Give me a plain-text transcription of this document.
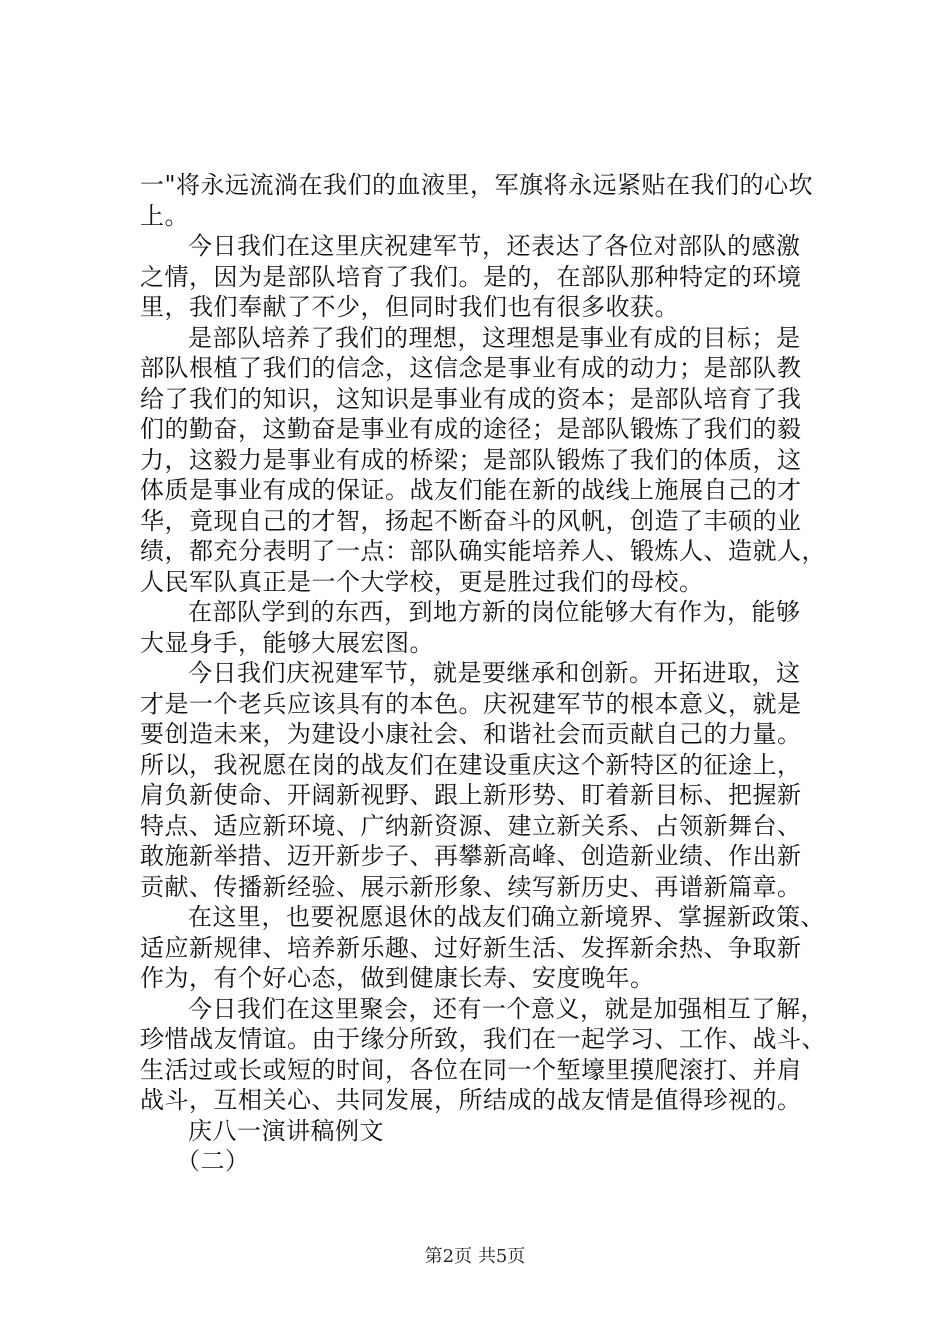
一"将永远流淌在我们的血液里，军旗将永远紧贴在我们的心坎
上。
今日我们在这里庆祝建军节，还表达了各位对部队的感激
之情，因为是部队培育了我们。是的，在部队那种特定的环境
里，我们奉献了不少，但同时我们也有很多收获。
是部队培养了我们的理想，这理想是事业有成的目标；是
部队根植了我们的信念，这信念是事业有成的动力；是部队教
给了我们的知识，这知识是事业有成的资本；是部队培育了我
们的勤奋，这勤奋是事业有成的途径；是部队锻炼了我们的毅
力，这毅力是事业有成的桥梁；是部队锻炼了我们的体质，这
体质是事业有成的保证。战友们能在新的战线上施展自己的才
华，竟现自己的才智，扬起不断奋斗的风帆，创造了丰硕的业
绩，都充分表明了一点：部队确实能培养人、锻炼人、造就人，
人民军队真正是一个大学校，更是胜过我们的母校。
在部队学到的东西，到地方新的岗位能够大有作为，能够
大显身手，能够大展宏图。
今日我们庆祝建军节，就是要继承和创新。开拓进取，这
才是一个老兵应该具有的本色。庆祝建军节的根本意义，就是
要创造未来，为建设小康社会、和谐社会而贡献自己的力量。
所以，我祝愿在岗的战友们在建设重庆这个新特区的征途上，
肩负新使命、开阔新视野、跟上新形势、盯着新目标、把握新
特点、适应新环境、广纳新资源、建立新关系、占领新舞台、
敢施新举措、迈开新步子、再攀新高峰、创造新业绩、作出新
贡献、传播新经验、展示新形象、续写新历史、再谱新篇章。
在这里，也要祝愿退休的战友们确立新境界、掌握新政策、
适应新规律、培养新乐趣、过好新生活、发挥新余热、争取新
作为，有个好心态，做到健康长寿、安度晚年。
今日我们在这里聚会，还有一个意义，就是加强相互了解，
珍惜战友情谊。由于缘分所致，我们在一起学习、工作、战斗、
生活过或长或短的时间，各位在同一个堑壕里摸爬滚打、并肩
战斗，互相关心、共同发展，所结成的战友情是值得珍视的。
庆八一演讲稿例文
（二）
第2页 共5页
